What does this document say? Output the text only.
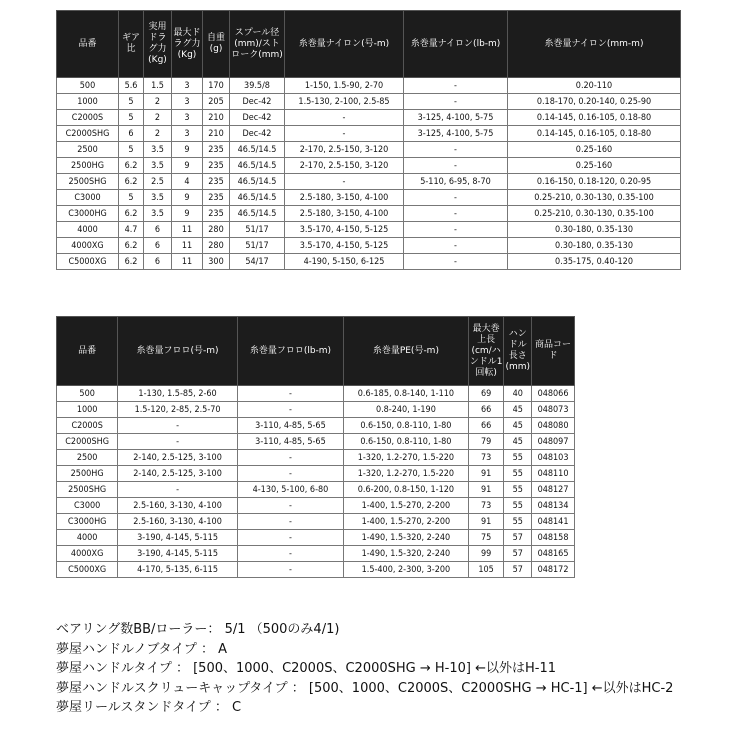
品番	ギア比	実用ドラグ力(Kg)	最大ドラグ力(Kg)	自重(g)	スプール径(mm)/ストローク(mm)	糸巻量ナイロン(号-m)	糸巻量ナイロン(lb-m)	糸巻量ナイロン(mm-m)
500	5.6	1.5	3	170	39.5/8	1-150, 1.5-90, 2-70	-	0.20-110
1000	5	2	3	205	Dec-42	1.5-130, 2-100, 2.5-85	-	0.18-170, 0.20-140, 0.25-90
C2000S	5	2	3	210	Dec-42	-	3-125, 4-100, 5-75	0.14-145, 0.16-105, 0.18-80
C2000SHG	6	2	3	210	Dec-42	-	3-125, 4-100, 5-75	0.14-145, 0.16-105, 0.18-80
2500	5	3.5	9	235	46.5/14.5	2-170, 2.5-150, 3-120	-	0.25-160
2500HG	6.2	3.5	9	235	46.5/14.5	2-170, 2.5-150, 3-120	-	0.25-160
2500SHG	6.2	2.5	4	235	46.5/14.5	-	5-110, 6-95, 8-70	0.16-150, 0.18-120, 0.20-95
C3000	5	3.5	9	235	46.5/14.5	2.5-180, 3-150, 4-100	-	0.25-210, 0.30-130, 0.35-100
C3000HG	6.2	3.5	9	235	46.5/14.5	2.5-180, 3-150, 4-100	-	0.25-210, 0.30-130, 0.35-100
4000	4.7	6	11	280	51/17	3.5-170, 4-150, 5-125	-	0.30-180, 0.35-130
4000XG	6.2	6	11	280	51/17	3.5-170, 4-150, 5-125	-	0.30-180, 0.35-130
C5000XG	6.2	6	11	300	54/17	4-190, 5-150, 6-125	-	0.35-175, 0.40-120
品番	糸巻量フロロ(号-m)	糸巻量フロロ(lb-m)	糸巻量PE(号-m)	最大巻上長(cm/ハンドル1回転)	ハンドル長さ(mm)	商品コード
500	1-130, 1.5-85, 2-60	-	0.6-185, 0.8-140, 1-110	69	40	048066
1000	1.5-120, 2-85, 2.5-70	-	0.8-240, 1-190	66	45	048073
C2000S	-	3-110, 4-85, 5-65	0.6-150, 0.8-110, 1-80	66	45	048080
C2000SHG	-	3-110, 4-85, 5-65	0.6-150, 0.8-110, 1-80	79	45	048097
2500	2-140, 2.5-125, 3-100	-	1-320, 1.2-270, 1.5-220	73	55	048103
2500HG	2-140, 2.5-125, 3-100	-	1-320, 1.2-270, 1.5-220	91	55	048110
2500SHG	-	4-130, 5-100, 6-80	0.6-200, 0.8-150, 1-120	91	55	048127
C3000	2.5-160, 3-130, 4-100	-	1-400, 1.5-270, 2-200	73	55	048134
C3000HG	2.5-160, 3-130, 4-100	-	1-400, 1.5-270, 2-200	91	55	048141
4000	3-190, 4-145, 5-115	-	1-490, 1.5-320, 2-240	75	57	048158
4000XG	3-190, 4-145, 5-115	-	1-490, 1.5-320, 2-240	99	57	048165
C5000XG	4-170, 5-135, 6-115	-	1.5-400, 2-300, 3-200	105	57	048172
ベアリング数BB/ローラー： 5/1 （500のみ4/1)
夢屋ハンドルノブタイプ ： A
夢屋ハンドルタイプ ： [500、1000、C2000S、C2000SHG → H-10] ←以外はH-11
夢屋ハンドルスクリューキャップタイプ ： [500、1000、C2000S、C2000SHG → HC-1] ←以外はHC-2
夢屋リールスタンドタイプ ： C
